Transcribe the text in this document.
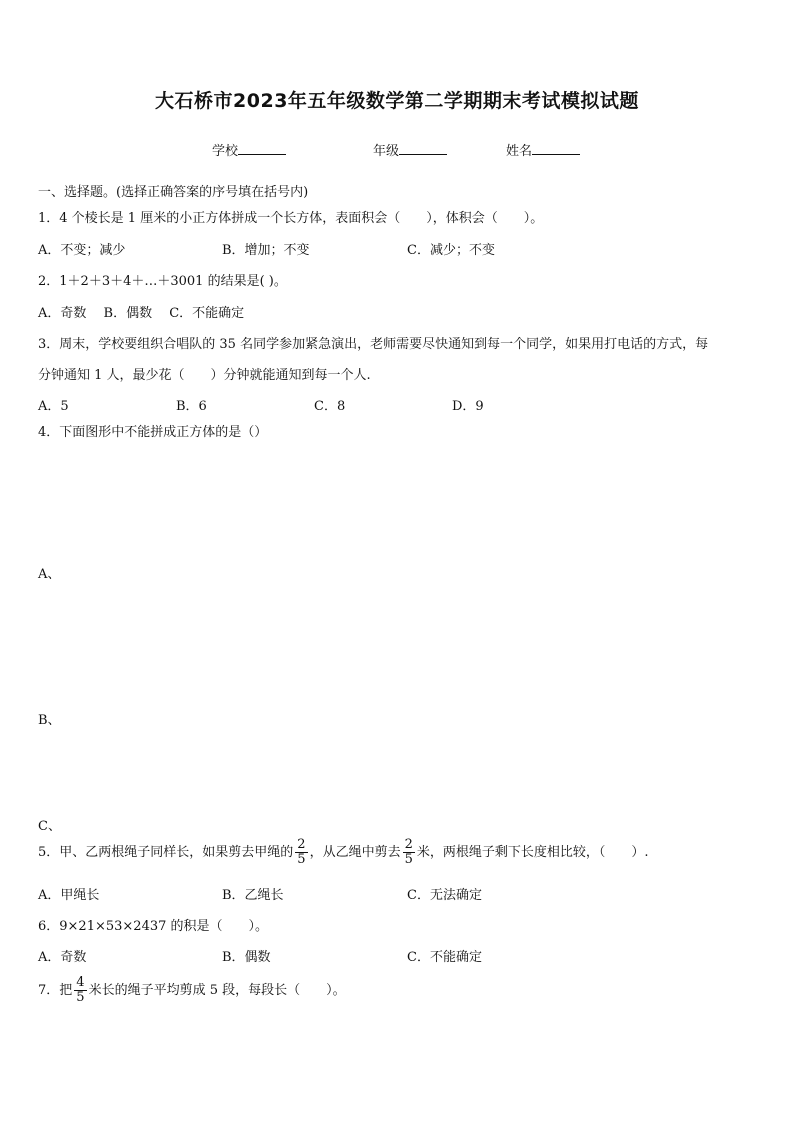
大石桥市2023年五年级数学第二学期期末考试模拟试题
学校	年级	姓名
一、选择题。(选择正确答案的序号填在括号内)
1．4 个棱长是 1 厘米的小正方体拼成一个长方体，表面积会（　　），体积会（　　）。
A．不变；减少	B．增加；不变	C．减少；不变
2．1＋2＋3＋4＋…＋3001 的结果是( )。
A．奇数　 B．偶数　 C．不能确定
3．周末，学校要组织合唱队的 35 名同学参加紧急演出，老师需要尽快通知到每一个同学，如果用打电话的方式，每
分钟通知 1 人，最少花（　　）分钟就能通知到每一个人.
A．5	B．6	C．8	D．9
4．下面图形中不能拼成正方体的是（）
A、
B、
C、
5．甲、乙两根绳子同样长，如果剪去甲绳的 $\frac{2}{5}$ ，从乙绳中剪去 $\frac{2}{5}$ 米，两根绳子剩下长度相比较，（　　）.
A．甲绳长	B．乙绳长	C．无法确定
6．9×21×53×2437 的积是（　　）。
A．奇数	B．偶数	C．不能确定
7．把 $\frac{4}{5}$ 米长的绳子平均剪成 5 段，每段长（　　）。
